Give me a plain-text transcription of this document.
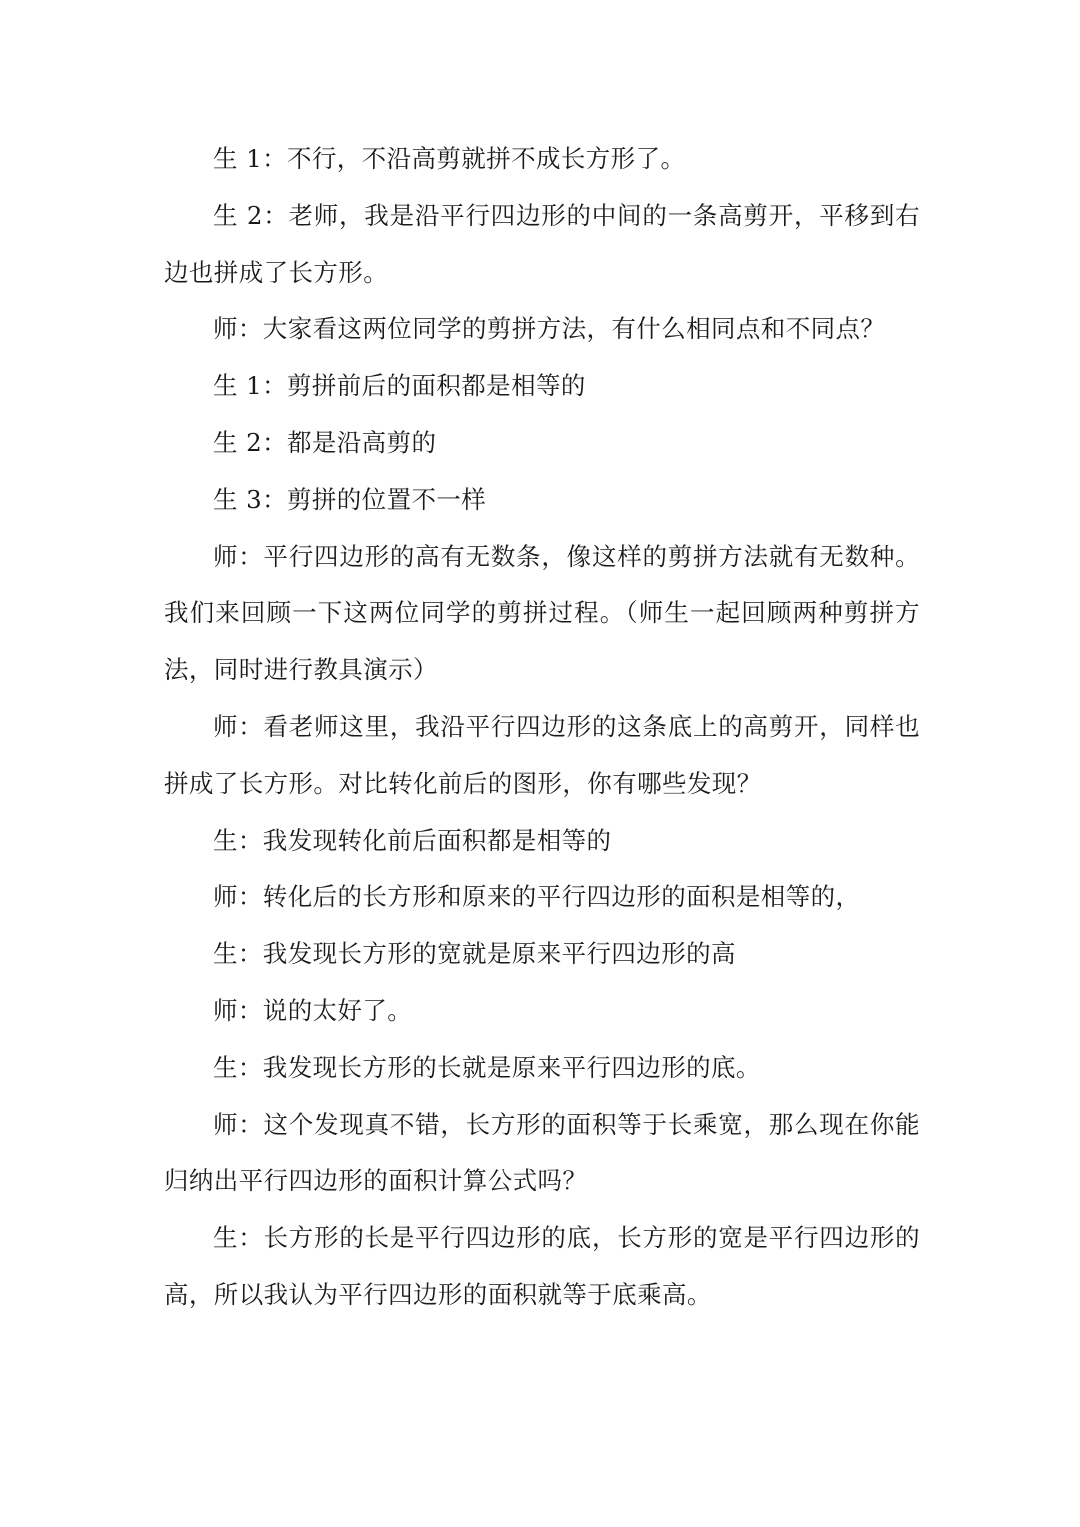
生 1：不行，不沿高剪就拼不成长方形了。

生 2：老师，我是沿平行四边形的中间的一条高剪开，平移到右边也拼成了长方形。

师：大家看这两位同学的剪拼方法，有什么相同点和不同点？

生 1：剪拼前后的面积都是相等的

生 2：都是沿高剪的

生 3：剪拼的位置不一样

师：平行四边形的高有无数条，像这样的剪拼方法就有无数种。我们来回顾一下这两位同学的剪拼过程。（师生一起回顾两种剪拼方法，同时进行教具演示）

师：看老师这里，我沿平行四边形的这条底上的高剪开，同样也拼成了长方形。对比转化前后的图形，你有哪些发现？

生：我发现转化前后面积都是相等的

师：转化后的长方形和原来的平行四边形的面积是相等的，

生：我发现长方形的宽就是原来平行四边形的高

师：说的太好了。

生：我发现长方形的长就是原来平行四边形的底。

师：这个发现真不错，长方形的面积等于长乘宽，那么现在你能归纳出平行四边形的面积计算公式吗？

生：长方形的长是平行四边形的底，长方形的宽是平行四边形的高，所以我认为平行四边形的面积就等于底乘高。
